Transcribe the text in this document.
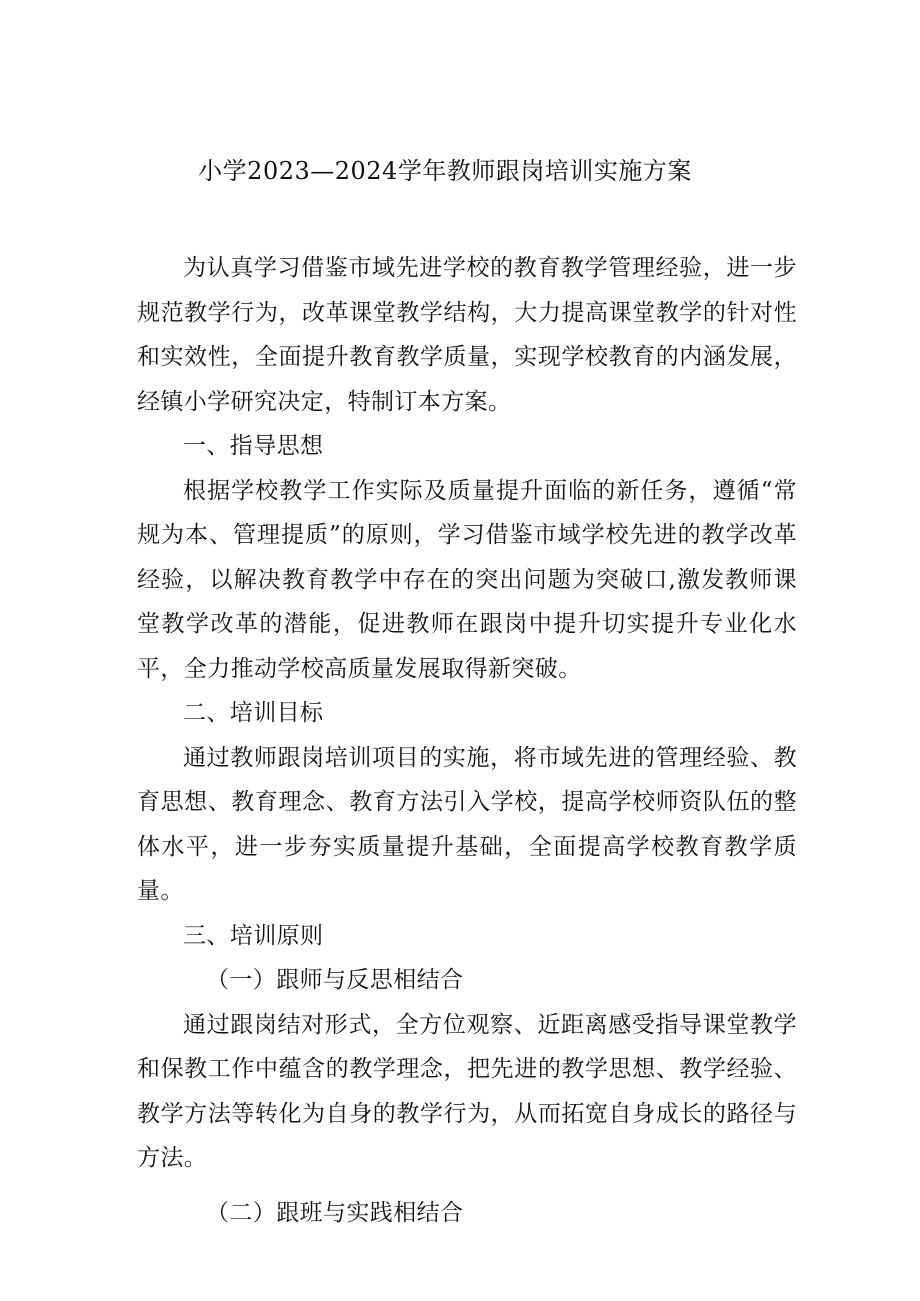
小学2023—2024学年教师跟岗培训实施方案

为认真学习借鉴市域先进学校的教育教学管理经验，进一步规范教学行为，改革课堂教学结构，大力提高课堂教学的针对性和实效性，全面提升教育教学质量，实现学校教育的内涵发展，经镇小学研究决定，特制订本方案。

一、指导思想

根据学校教学工作实际及质量提升面临的新任务，遵循“常规为本、管理提质”的原则，学习借鉴市域学校先进的教学改革经验，以解决教育教学中存在的突出问题为突破口,激发教师课堂教学改革的潜能，促进教师在跟岗中提升切实提升专业化水平，全力推动学校高质量发展取得新突破。

二、培训目标

通过教师跟岗培训项目的实施，将市域先进的管理经验、教育思想、教育理念、教育方法引入学校，提高学校师资队伍的整体水平，进一步夯实质量提升基础，全面提高学校教育教学质量。

三、培训原则

（一）跟师与反思相结合

通过跟岗结对形式，全方位观察、近距离感受指导课堂教学和保教工作中蕴含的教学理念，把先进的教学思想、教学经验、教学方法等转化为自身的教学行为，从而拓宽自身成长的路径与方法。

（二）跟班与实践相结合
